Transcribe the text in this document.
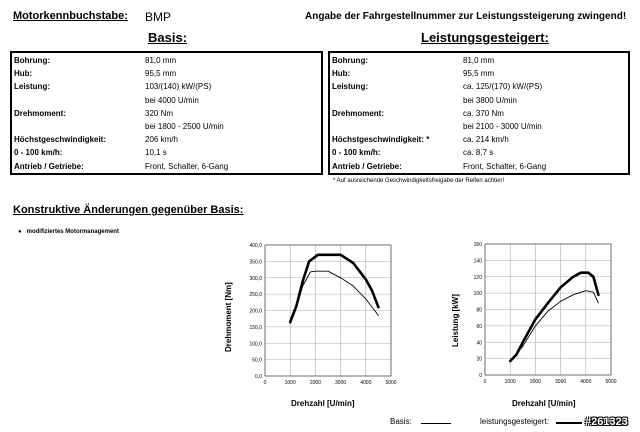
Motorkennbuchstabe: BMP	Angabe der Fahrgestellnummer zur Leistungssteigerung zwingend!
Basis:	Leistungsgesteigert:
Bohrung:	81,0 mm
Hub:	95,5 mm
Leistung:	103/(140) kW/(PS)
bei 4000 U/min
Drehmoment:	320 Nm
bei 1800 - 2500 U/min
Höchstgeschwindigkeit:	206 km/h
0 - 100 km/h:	10,1 s
Antrieb / Getriebe:	Front, Schalter, 6-Gang
Bohrung:	81,0 mm
Hub:	95,5 mm
Leistung:	ca. 125/(170) kW/(PS)
bei 3800 U/min
Drehmoment:	ca. 370 Nm
bei 2100 - 3000 U/min
Höchstgeschwindigkeit: *	ca. 214 km/h
0 - 100 km/h:	ca. 8,7 s
Antrieb / Getriebe:	Front, Schalter, 6-Gang
* Auf ausreichende Geschwindigkeitsfreigabe der Reifen achten!
Konstruktive Änderungen gegenüber Basis:
●   modifiziertes Motormanagement
0,0
50,0
100,0
150,0
200,0
250,0
300,0
350,0
400,0
0	1000	2000	3000	4000	5000
0
20
40
60
80
100
120
140
160
0	1000	2000	3000	4000	5000
Drehmoment [Nm]	Leistung [kW]
Drehzahl [U/min]	Drehzahl [U/min]
Basis:	leistungsgesteigert:	#261323
